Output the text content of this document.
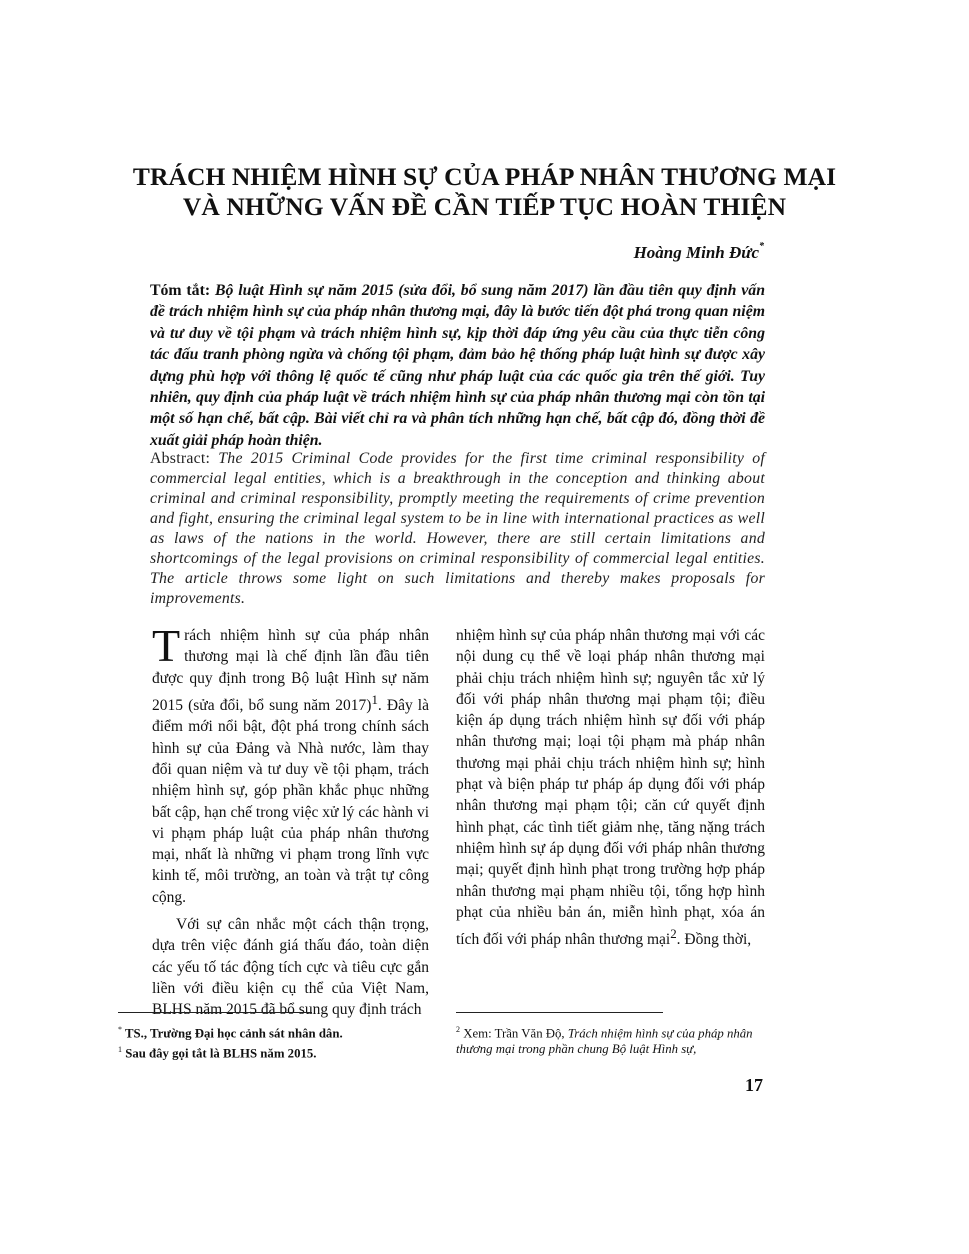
TRÁCH NHIỆM HÌNH SỰ CỦA PHÁP NHÂN THƯƠNG MẠI
VÀ NHỮNG VẤN ĐỀ CẦN TIẾP TỤC HOÀN THIỆN
Hoàng Minh Đức*

Tóm tắt: Bộ luật Hình sự năm 2015 (sửa đổi, bổ sung năm 2017) lần đầu tiên quy định vấn đề trách nhiệm hình sự của pháp nhân thương mại, đây là bước tiến đột phá trong quan niệm và tư duy về tội phạm và trách nhiệm hình sự, kịp thời đáp ứng yêu cầu của thực tiễn công tác đấu tranh phòng ngừa và chống tội phạm, đảm bảo hệ thống pháp luật hình sự được xây dựng phù hợp với thông lệ quốc tế cũng như pháp luật của các quốc gia trên thế giới. Tuy nhiên, quy định của pháp luật về trách nhiệm hình sự của pháp nhân thương mại còn tồn tại một số hạn chế, bất cập. Bài viết chỉ ra và phân tích những hạn chế, bất cập đó, đồng thời đề xuất giải pháp hoàn thiện.

Abstract: The 2015 Criminal Code provides for the first time criminal responsibility of commercial legal entities, which is a breakthrough in the conception and thinking about criminal and criminal responsibility, promptly meeting the requirements of crime prevention and fight, ensuring the criminal legal system to be in line with international practices as well as laws of the nations in the world. However, there are still certain limitations and shortcomings of the legal provisions on criminal responsibility of commercial legal entities. The article throws some light on such limitations and thereby makes proposals for improvements.

Trách nhiệm hình sự của pháp nhân thương mại là chế định lần đầu tiên được quy định trong Bộ luật Hình sự năm 2015 (sửa đổi, bổ sung năm 2017)$^1$. Đây là điểm mới nổi bật, đột phá trong chính sách hình sự của Đảng và Nhà nước, làm thay đổi quan niệm và tư duy về tội phạm, trách nhiệm hình sự, góp phần khắc phục những bất cập, hạn chế trong việc xử lý các hành vi vi phạm pháp luật của pháp nhân thương mại, nhất là những vi phạm trong lĩnh vực kinh tế, môi trường, an toàn và trật tự công cộng.

Với sự cân nhắc một cách thận trọng, dựa trên việc đánh giá thấu đáo, toàn diện các yếu tố tác động tích cực và tiêu cực gắn liền với điều kiện cụ thể của Việt Nam, BLHS năm 2015 đã bổ sung quy định trách

nhiệm hình sự của pháp nhân thương mại với các nội dung cụ thể về loại pháp nhân thương mại phải chịu trách nhiệm hình sự; nguyên tắc xử lý đối với pháp nhân thương mại phạm tội; điều kiện áp dụng trách nhiệm hình sự đối với pháp nhân thương mại; loại tội phạm mà pháp nhân thương mại phải chịu trách nhiệm hình sự; hình phạt và biện pháp tư pháp áp dụng đối với pháp nhân thương mại phạm tội; căn cứ quyết định hình phạt, các tình tiết giảm nhẹ, tăng nặng trách nhiệm hình sự áp dụng đối với pháp nhân thương mại; quyết định hình phạt trong trường hợp pháp nhân thương mại phạm nhiều tội, tổng hợp hình phạt của nhiều bản án, miễn hình phạt, xóa án tích đối với pháp nhân thương mại$^2$. Đồng thời,

* TS., Trường Đại học cảnh sát nhân dân.
$^1$ Sau đây gọi tắt là BLHS năm 2015.
$^2$ Xem: Trần Văn Độ, Trách nhiệm hình sự của pháp nhân thương mại trong phần chung Bộ luật Hình sự,
17
